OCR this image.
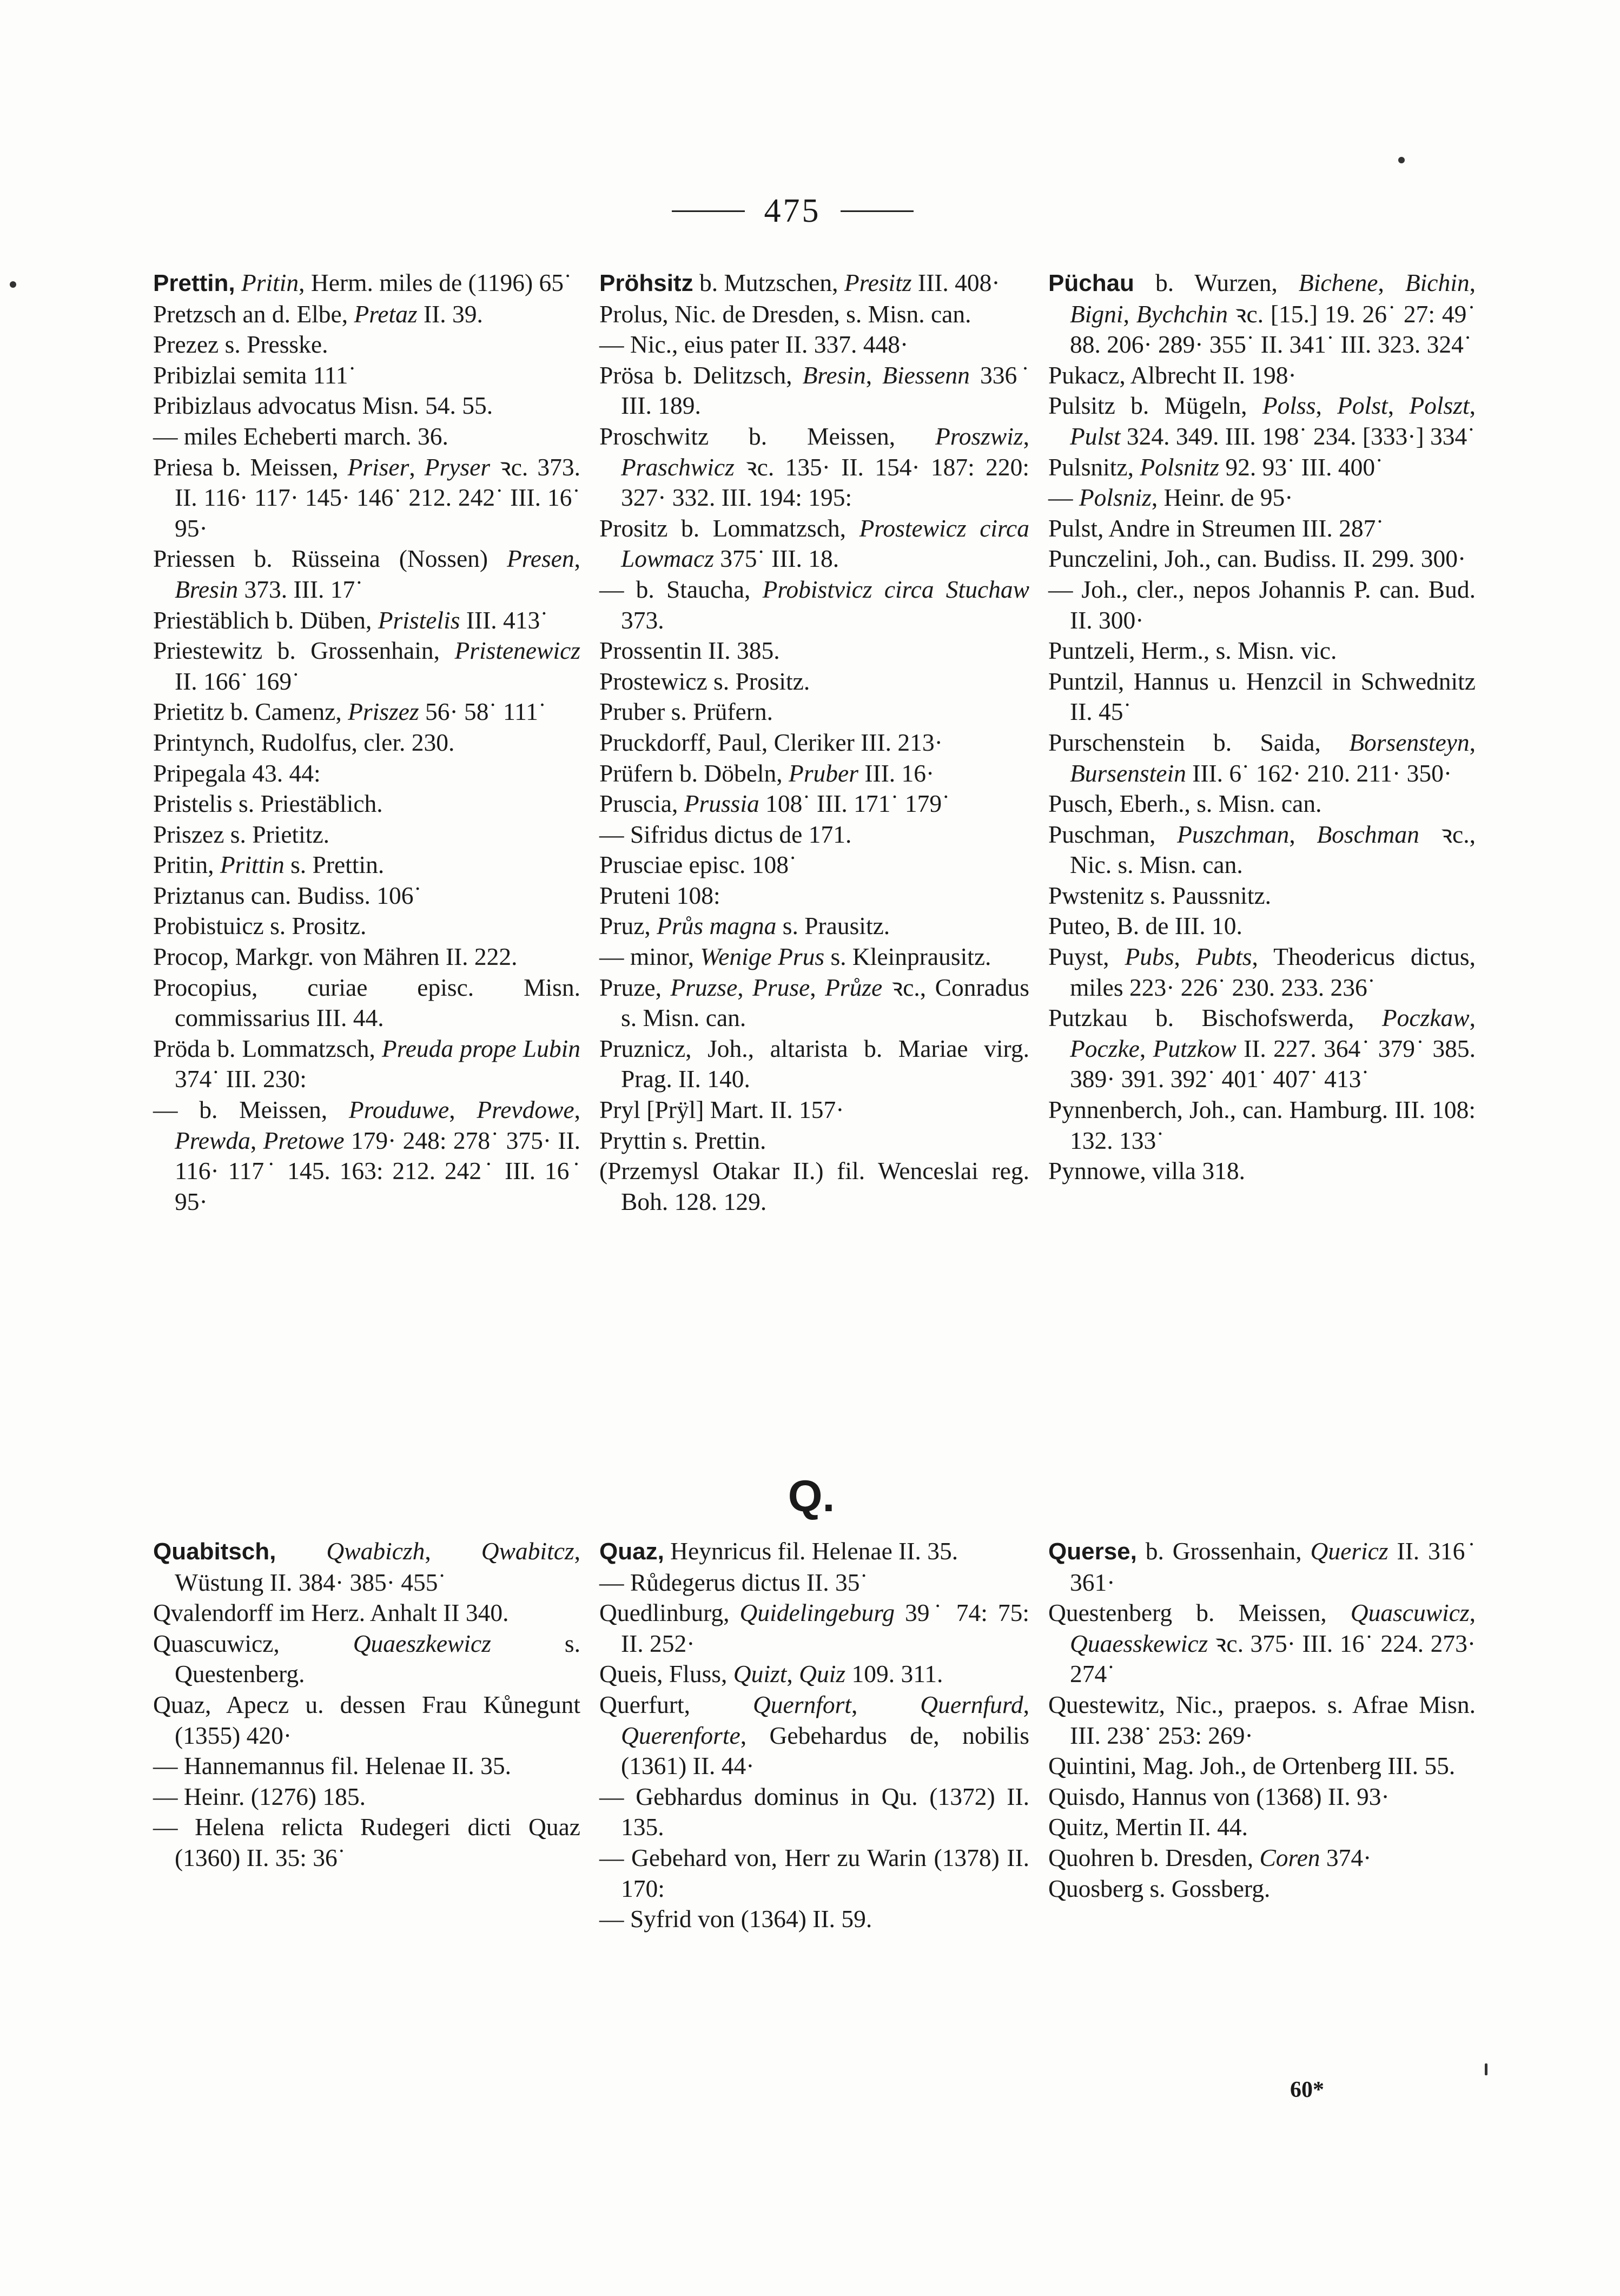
475
Prettin, Pritin, Herm. miles de (1196) 65˙
Pretzsch an d. Elbe, Pretaz II. 39.
Prezez s. Presske.
Pribizlai semita 111˙
Pribizlaus advocatus Misn. 54. 55.
— miles Echeberti march. 36.
Priesa b. Meissen, Priser, Pryser ꝛc. 373. II. 116· 117· 145· 146˙ 212. 242˙ III. 16˙ 95·
Priessen b. Rüsseina (Nossen) Presen, Bresin 373. III. 17˙
Priestäblich b. Düben, Pristelis III. 413˙
Priestewitz b. Grossenhain, Pristenewicz II. 166˙ 169˙
Prietitz b. Camenz, Priszez 56· 58˙ 111˙
Printynch, Rudolfus, cler. 230.
Pripegala 43. 44:
Pristelis s. Priestäblich.
Priszez s. Prietitz.
Pritin, Prittin s. Prettin.
Priztanus can. Budiss. 106˙
Probistuicz s. Prositz.
Procop, Markgr. von Mähren II. 222.
Procopius, curiae episc. Misn. commissarius III. 44.
Pröda b. Lommatzsch, Preuda prope Lubin 374˙ III. 230:
— b. Meissen, Prouduwe, Prevdowe, Prewda, Pretowe 179· 248: 278˙ 375· II. 116· 117˙ 145. 163: 212. 242˙ III. 16˙ 95·
Pröhsitz b. Mutzschen, Presitz III. 408·
Prolus, Nic. de Dresden, s. Misn. can.
— Nic., eius pater II. 337. 448·
Prösa b. Delitzsch, Bresin, Biessenn 336˙ III. 189.
Proschwitz b. Meissen, Proszwiz, Praschwicz ꝛc. 135· II. 154· 187: 220: 327· 332. III. 194: 195:
Prositz b. Lommatzsch, Prostewicz circa Lowmacz 375˙ III. 18.
— b. Staucha, Probistvicz circa Stuchaw 373.
Prossentin II. 385.
Prostewicz s. Prositz.
Pruber s. Prüfern.
Pruckdorff, Paul, Cleriker III. 213·
Prüfern b. Döbeln, Pruber III. 16·
Pruscia, Prussia 108˙ III. 171˙ 179˙
— Sifridus dictus de 171.
Prusciae episc. 108˙
Pruteni 108:
Pruz, Průs magna s. Prausitz.
— minor, Wenige Prus s. Kleinprausitz.
Pruze, Pruzse, Pruse, Průze ꝛc., Conradus s. Misn. can.
Pruznicz, Joh., altarista b. Mariae virg. Prag. II. 140.
Pryl [Prÿl] Mart. II. 157·
Pryttin s. Prettin.
(Przemysl Otakar II.) fil. Wenceslai reg. Boh. 128. 129.
Püchau b. Wurzen, Bichene, Bichin, Bigni, Bychchin ꝛc. [15.] 19. 26˙ 27: 49˙ 88. 206· 289· 355˙ II. 341˙ III. 323. 324˙
Pukacz, Albrecht II. 198·
Pulsitz b. Mügeln, Polss, Polst, Polszt, Pulst 324. 349. III. 198˙ 234. [333·] 334˙
Pulsnitz, Polsnitz 92. 93˙ III. 400˙
— Polsniz, Heinr. de 95·
Pulst, Andre in Streumen III. 287˙
Punczelini, Joh., can. Budiss. II. 299. 300·
— Joh., cler., nepos Johannis P. can. Bud. II. 300·
Puntzeli, Herm., s. Misn. vic.
Puntzil, Hannus u. Henzcil in Schwednitz II. 45˙
Purschenstein b. Saida, Borsensteyn, Bursenstein III. 6˙ 162· 210. 211· 350·
Pusch, Eberh., s. Misn. can.
Puschman, Puszchman, Boschman ꝛc., Nic. s. Misn. can.
Pwstenitz s. Paussnitz.
Puteo, B. de III. 10.
Puyst, Pubs, Pubts, Theodericus dictus, miles 223· 226˙ 230. 233. 236˙
Putzkau b. Bischofswerda, Poczkaw, Poczke, Putzkow II. 227. 364˙ 379˙ 385. 389· 391. 392˙ 401˙ 407˙ 413˙
Pynnenberch, Joh., can. Hamburg. III. 108: 132. 133˙
Pynnowe, villa 318.
Q.
Quabitsch, Qwabiczh, Qwabitcz, Wüstung II. 384· 385· 455˙
Qvalendorff im Herz. Anhalt II 340.
Quascuwicz, Quaeszkewicz s. Questenberg.
Quaz, Apecz u. dessen Frau Kůnegunt (1355) 420·
— Hannemannus fil. Helenae II. 35.
— Heinr. (1276) 185.
— Helena relicta Rudegeri dicti Quaz (1360) II. 35: 36˙
Quaz, Heynricus fil. Helenae II. 35.
— Růdegerus dictus II. 35˙
Quedlinburg, Quidelingeburg 39˙ 74: 75: II. 252·
Queis, Fluss, Quizt, Quiz 109. 311.
Querfurt, Quernfort, Quernfurd, Querenforte, Gebehardus de, nobilis (1361) II. 44·
— Gebhardus dominus in Qu. (1372) II. 135.
— Gebehard von, Herr zu Warin (1378) II. 170:
— Syfrid von (1364) II. 59.
Querse, b. Grossenhain, Quericz II. 316˙ 361·
Questenberg b. Meissen, Quascuwicz, Quaesskewicz ꝛc. 375· III. 16˙ 224. 273· 274˙
Questewitz, Nic., praepos. s. Afrae Misn. III. 238˙ 253: 269·
Quintini, Mag. Joh., de Ortenberg III. 55.
Quisdo, Hannus von (1368) II. 93·
Quitz, Mertin II. 44.
Quohren b. Dresden, Coren 374·
Quosberg s. Gossberg.
60*
